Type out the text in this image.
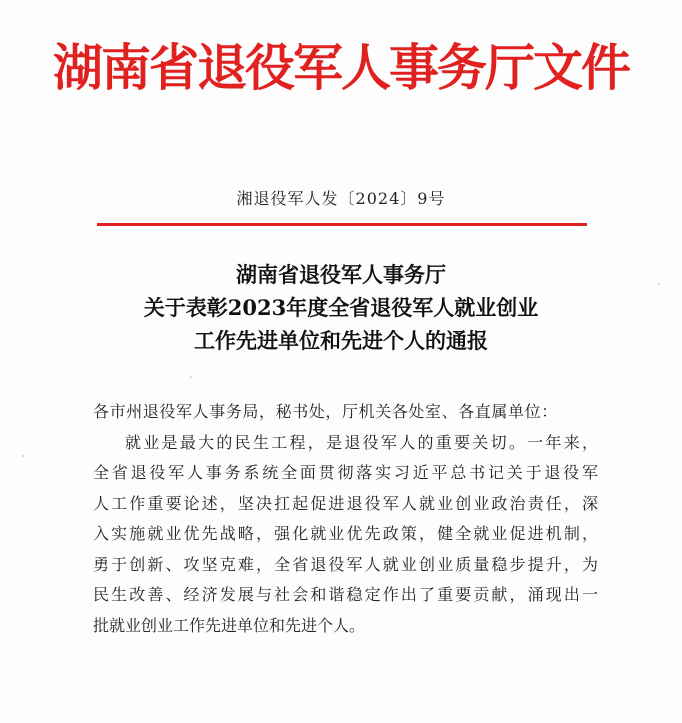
湖南省退役军人事务厅文件
湘退役军人发〔2024〕9号
湖南省退役军人事务厅
关于表彰2023年度全省退役军人就业创业
工作先进单位和先进个人的通报
各市州退役军人事务局，秘书处，厅机关各处室、各直属单位：
就业是最大的民生工程，是退役军人的重要关切。一年来，
全省退役军人事务系统全面贯彻落实习近平总书记关于退役军
人工作重要论述，坚决扛起促进退役军人就业创业政治责任，深
入实施就业优先战略，强化就业优先政策，健全就业促进机制，
勇于创新、攻坚克难，全省退役军人就业创业质量稳步提升，为
民生改善、经济发展与社会和谐稳定作出了重要贡献，涌现出一
批就业创业工作先进单位和先进个人。
